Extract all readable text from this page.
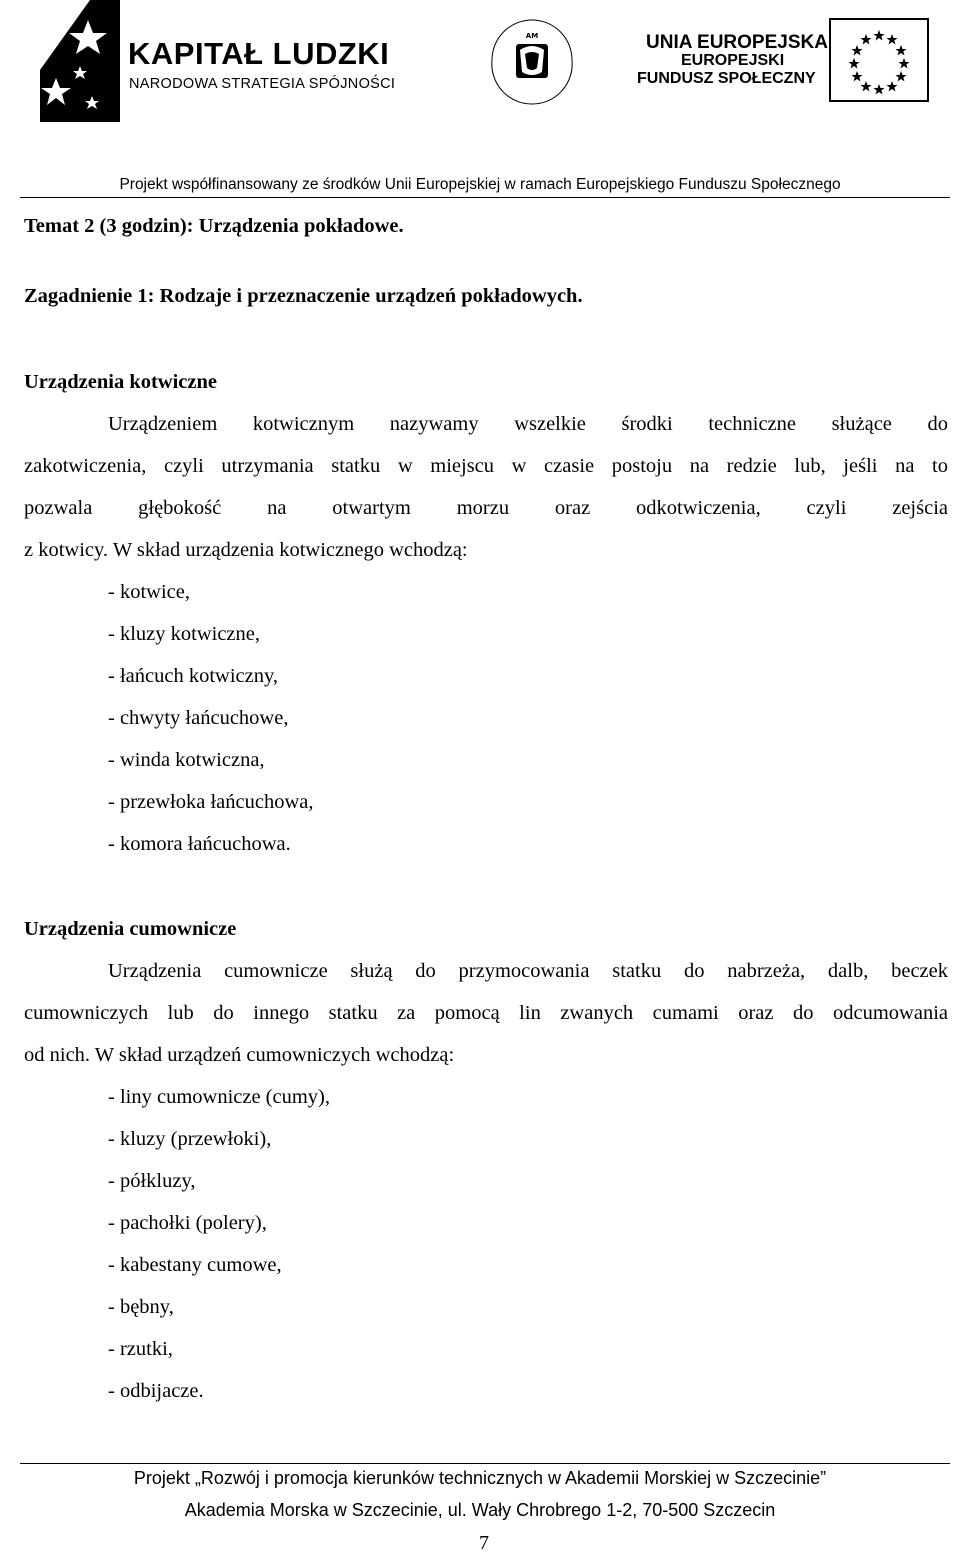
KAPITAŁ LUDZKI
NARODOWA STRATEGIA SPÓJNOŚCI
AM	UNIA EUROPEJSKA
EUROPEJSKI
FUNDUSZ SPOŁECZNY
Projekt współfinansowany ze środków Unii Europejskiej w ramach Europejskiego Funduszu Społecznego
Temat 2 (3 godzin): Urządzenia pokładowe.
Zagadnienie 1: Rodzaje i przeznaczenie urządzeń pokładowych.
Urządzenia kotwiczne
Urządzeniem kotwicznym nazywamy wszelkie środki techniczne służące do
zakotwiczenia, czyli utrzymania statku w miejscu w czasie postoju na redzie lub, jeśli na to
pozwala głębokość na otwartym morzu oraz odkotwiczenia, czyli zejścia
z kotwicy. W skład urządzenia kotwicznego wchodzą:
- kotwice,
- kluzy kotwiczne,
- łańcuch kotwiczny,
- chwyty łańcuchowe,
- winda kotwiczna,
- przewłoka łańcuchowa,
- komora łańcuchowa.
Urządzenia cumownicze
Urządzenia cumownicze służą do przymocowania statku do nabrzeża, dalb, beczek
cumowniczych lub do innego statku za pomocą lin zwanych cumami oraz do odcumowania
od nich. W skład urządzeń cumowniczych wchodzą:
- liny cumownicze (cumy),
- kluzy (przewłoki),
- półkluzy,
- pachołki (polery),
- kabestany cumowe,
- bębny,
- rzutki,
- odbijacze.
Projekt „Rozwój i promocja kierunków technicznych w Akademii Morskiej w Szczecinie”
Akademia Morska w Szczecinie, ul. Wały Chrobrego 1-2, 70-500 Szczecin
7
